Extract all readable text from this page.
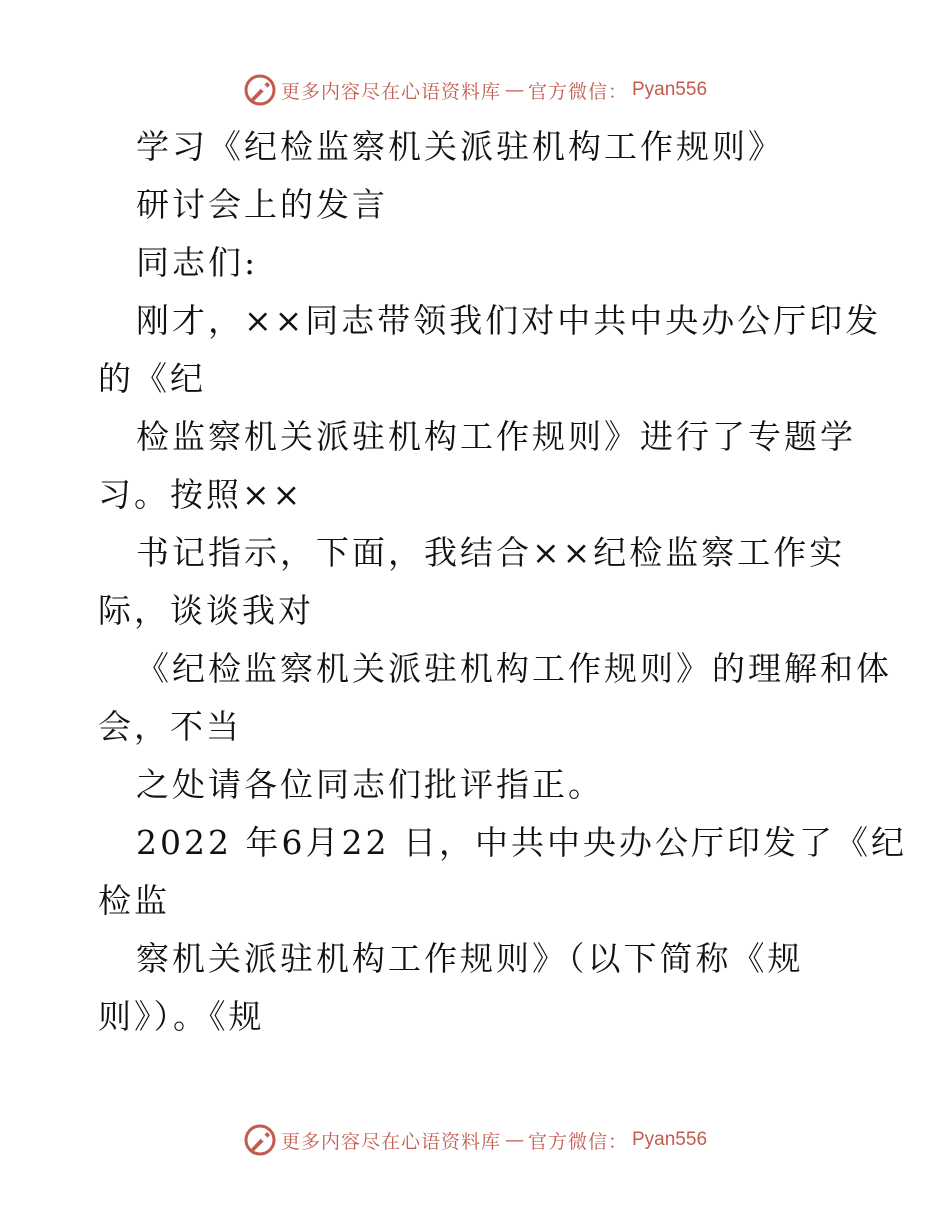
更多内容尽在心语资料库 — 官方微信： Pyan556
学习《纪检监察机关派驻机构工作规则》
研讨会上的发言
同志们:
刚才，××同志带领我们对中共中央办公厅印发
的《纪
检监察机关派驻机构工作规则》进行了专题学
习。按照××
书记指示，下面，我结合××纪检监察工作实
际，谈谈我对
《纪检监察机关派驻机构工作规则》的理解和体
会，不当
之处请各位同志们批评指正。
2022 年6月22 日，中共中央办公厅印发了《纪
检监
察机关派驻机构工作规则》（以下简称《规
则》）。《规
更多内容尽在心语资料库 — 官方微信： Pyan556
